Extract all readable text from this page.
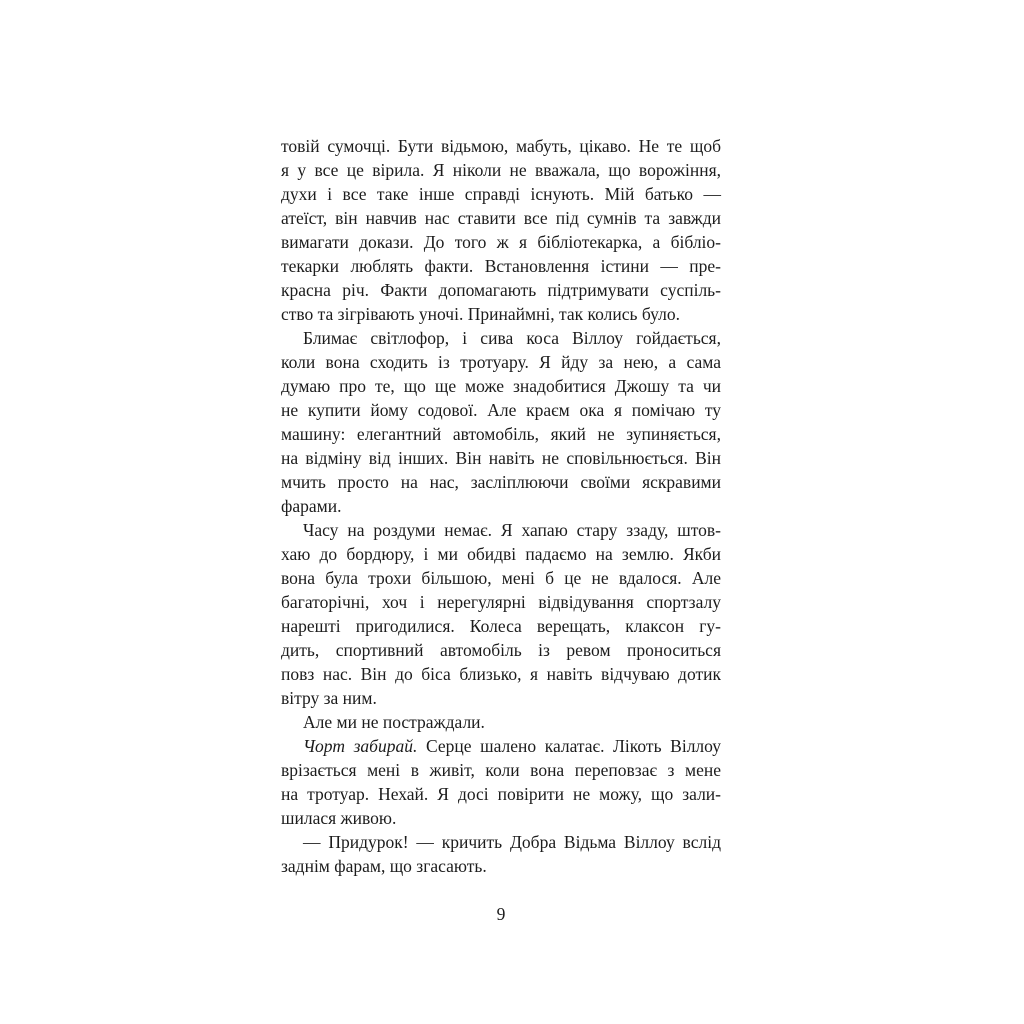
товій сумочці. Бути відьмою, мабуть, цікаво. Не те щоб
я у все це вірила. Я ніколи не вважала, що ворожіння,
духи і все таке інше справді існують. Мій батько —
атеїст, він навчив нас ставити все під сумнів та завжди
вимагати докази. До того ж я бібліотекарка, а бібліо-
текарки люблять факти. Встановлення істини — пре-
красна річ. Факти допомагають підтримувати суспіль-
ство та зігрівають уночі. Принаймні, так колись було.
Блимає світлофор, і сива коса Віллоу гойдається,
коли вона сходить із тротуару. Я йду за нею, а сама
думаю про те, що ще може знадобитися Джошу та чи
не купити йому содової. Але краєм ока я помічаю ту
машину: елегантний автомобіль, який не зупиняється,
на відміну від інших. Він навіть не сповільнюється. Він
мчить просто на нас, засліплюючи своїми яскравими
фарами.
Часу на роздуми немає. Я хапаю стару ззаду, штов-
хаю до бордюру, і ми обидві падаємо на землю. Якби
вона була трохи більшою, мені б це не вдалося. Але
багаторічні, хоч і нерегулярні відвідування спортзалу
нарешті пригодилися. Колеса верещать, клаксон гу-
дить, спортивний автомобіль із ревом проноситься
повз нас. Він до біса близько, я навіть відчуваю дотик
вітру за ним.
Але ми не постраждали.
Чорт забирай. Серце шалено калатає. Лікоть Віллоу
врізається мені в живіт, коли вона переповзає з мене
на тротуар. Нехай. Я досі повірити не можу, що зали-
шилася живою.
— Придурок! — кричить Добра Відьма Віллоу вслід
заднім фарам, що згасають.
9
